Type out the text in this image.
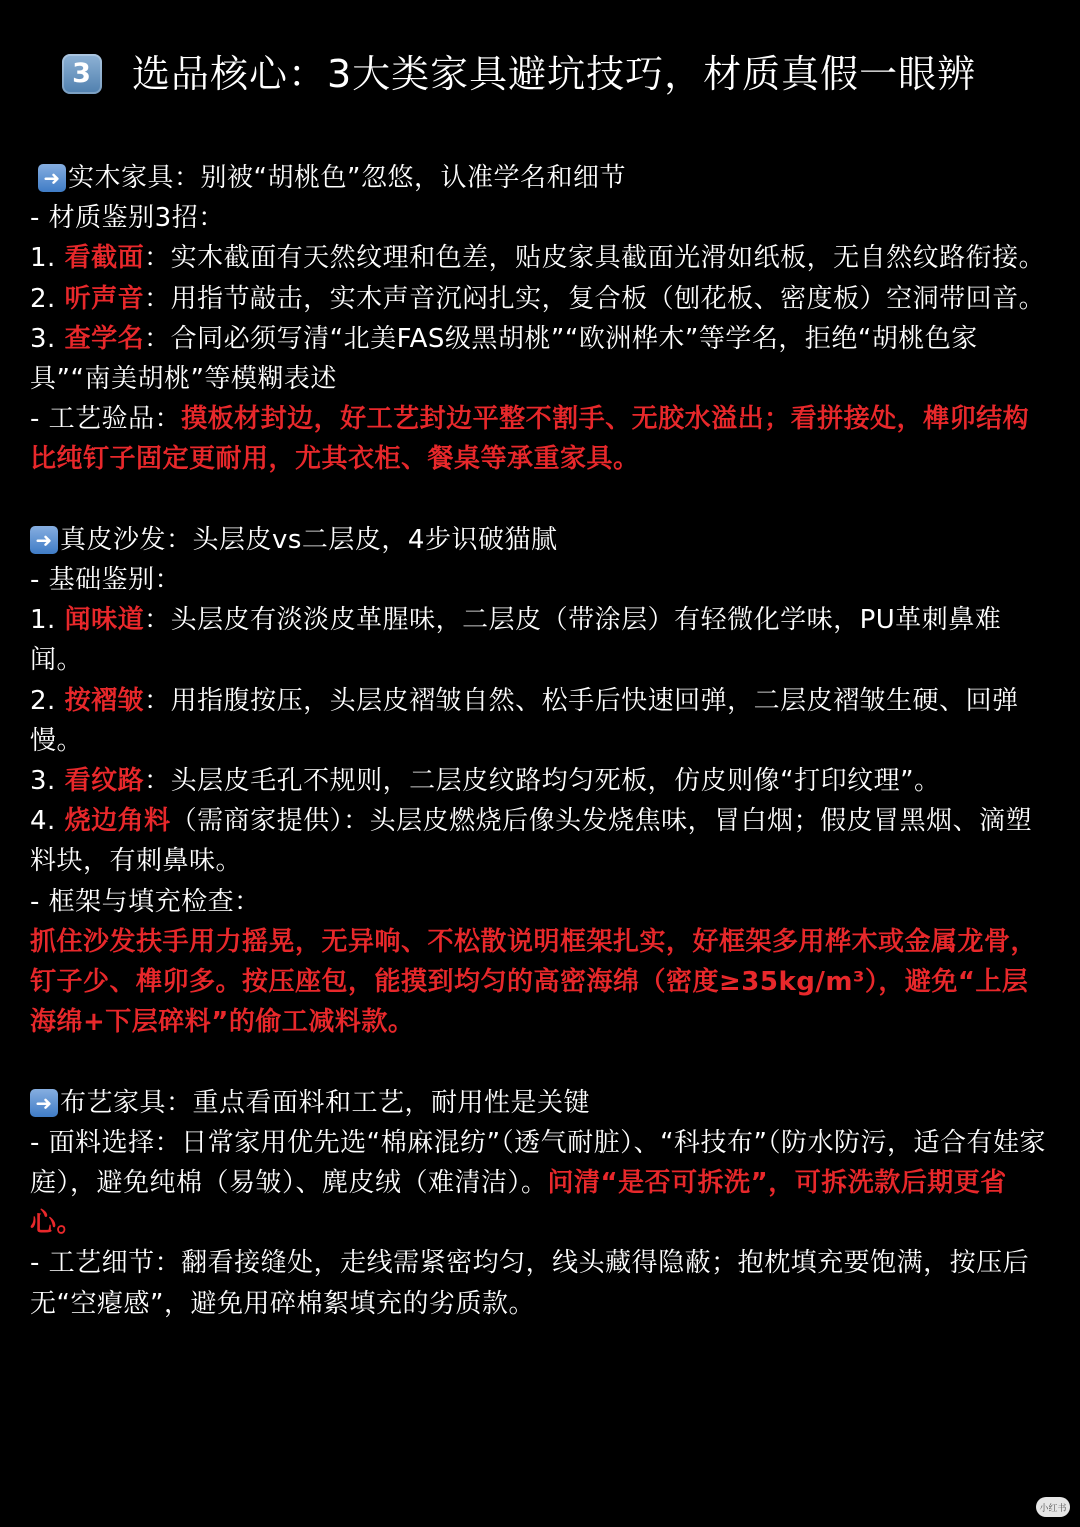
3 选品核心：3大类家具避坑技巧，材质真假一眼辨
➜ 实木家具：别被“胡桃色”忽悠，认准学名和细节

- 材质鉴别3招：

1. 看截面：实木截面有天然纹理和色差，贴皮家具截面光滑如纸板，无自然纹路衔接。

2. 听声音：用指节敲击，实木声音沉闷扎实，复合板（刨花板、密度板）空洞带回音。

3. 查学名：合同必须写清“北美FAS级黑胡桃”“欧洲桦木”等学名，拒绝“胡桃色家具”“南美胡桃”等模糊表述

- 工艺验品：摸板材封边，好工艺封边平整不割手、无胶水溢出；看拼接处，榫卯结构比纯钉子固定更耐用，尤其衣柜、餐桌等承重家具。

➜ 真皮沙发：头层皮vs二层皮，4步识破猫腻

- 基础鉴别：

1. 闻味道：头层皮有淡淡皮革腥味，二层皮（带涂层）有轻微化学味，PU革刺鼻难闻。

2. 按褶皱：用指腹按压，头层皮褶皱自然、松手后快速回弹，二层皮褶皱生硬、回弹慢。

3. 看纹路：头层皮毛孔不规则，二层皮纹路均匀死板，仿皮则像“打印纹理”。

4. 烧边角料（需商家提供）：头层皮燃烧后像头发烧焦味，冒白烟；假皮冒黑烟、滴塑料块，有刺鼻味。

- 框架与填充检查：

抓住沙发扶手用力摇晃，无异响、不松散说明框架扎实，好框架多用桦木或金属龙骨，钉子少、榫卯多。按压座包，能摸到均匀的高密海绵（密度≥35kg/m³），避免“上层海绵+下层碎料”的偷工减料款。

➜ 布艺家具：重点看面料和工艺，耐用性是关键

- 面料选择：日常家用优先选“棉麻混纺”（透气耐脏）、“科技布”（防水防污，适合有娃家庭），避免纯棉（易皱）、麂皮绒（难清洁）。问清“是否可拆洗”，可拆洗款后期更省心。

- 工艺细节：翻看接缝处，走线需紧密均匀，线头藏得隐蔽；抱枕填充要饱满，按压后无“空瘪感”，避免用碎棉絮填充的劣质款。

小红书
